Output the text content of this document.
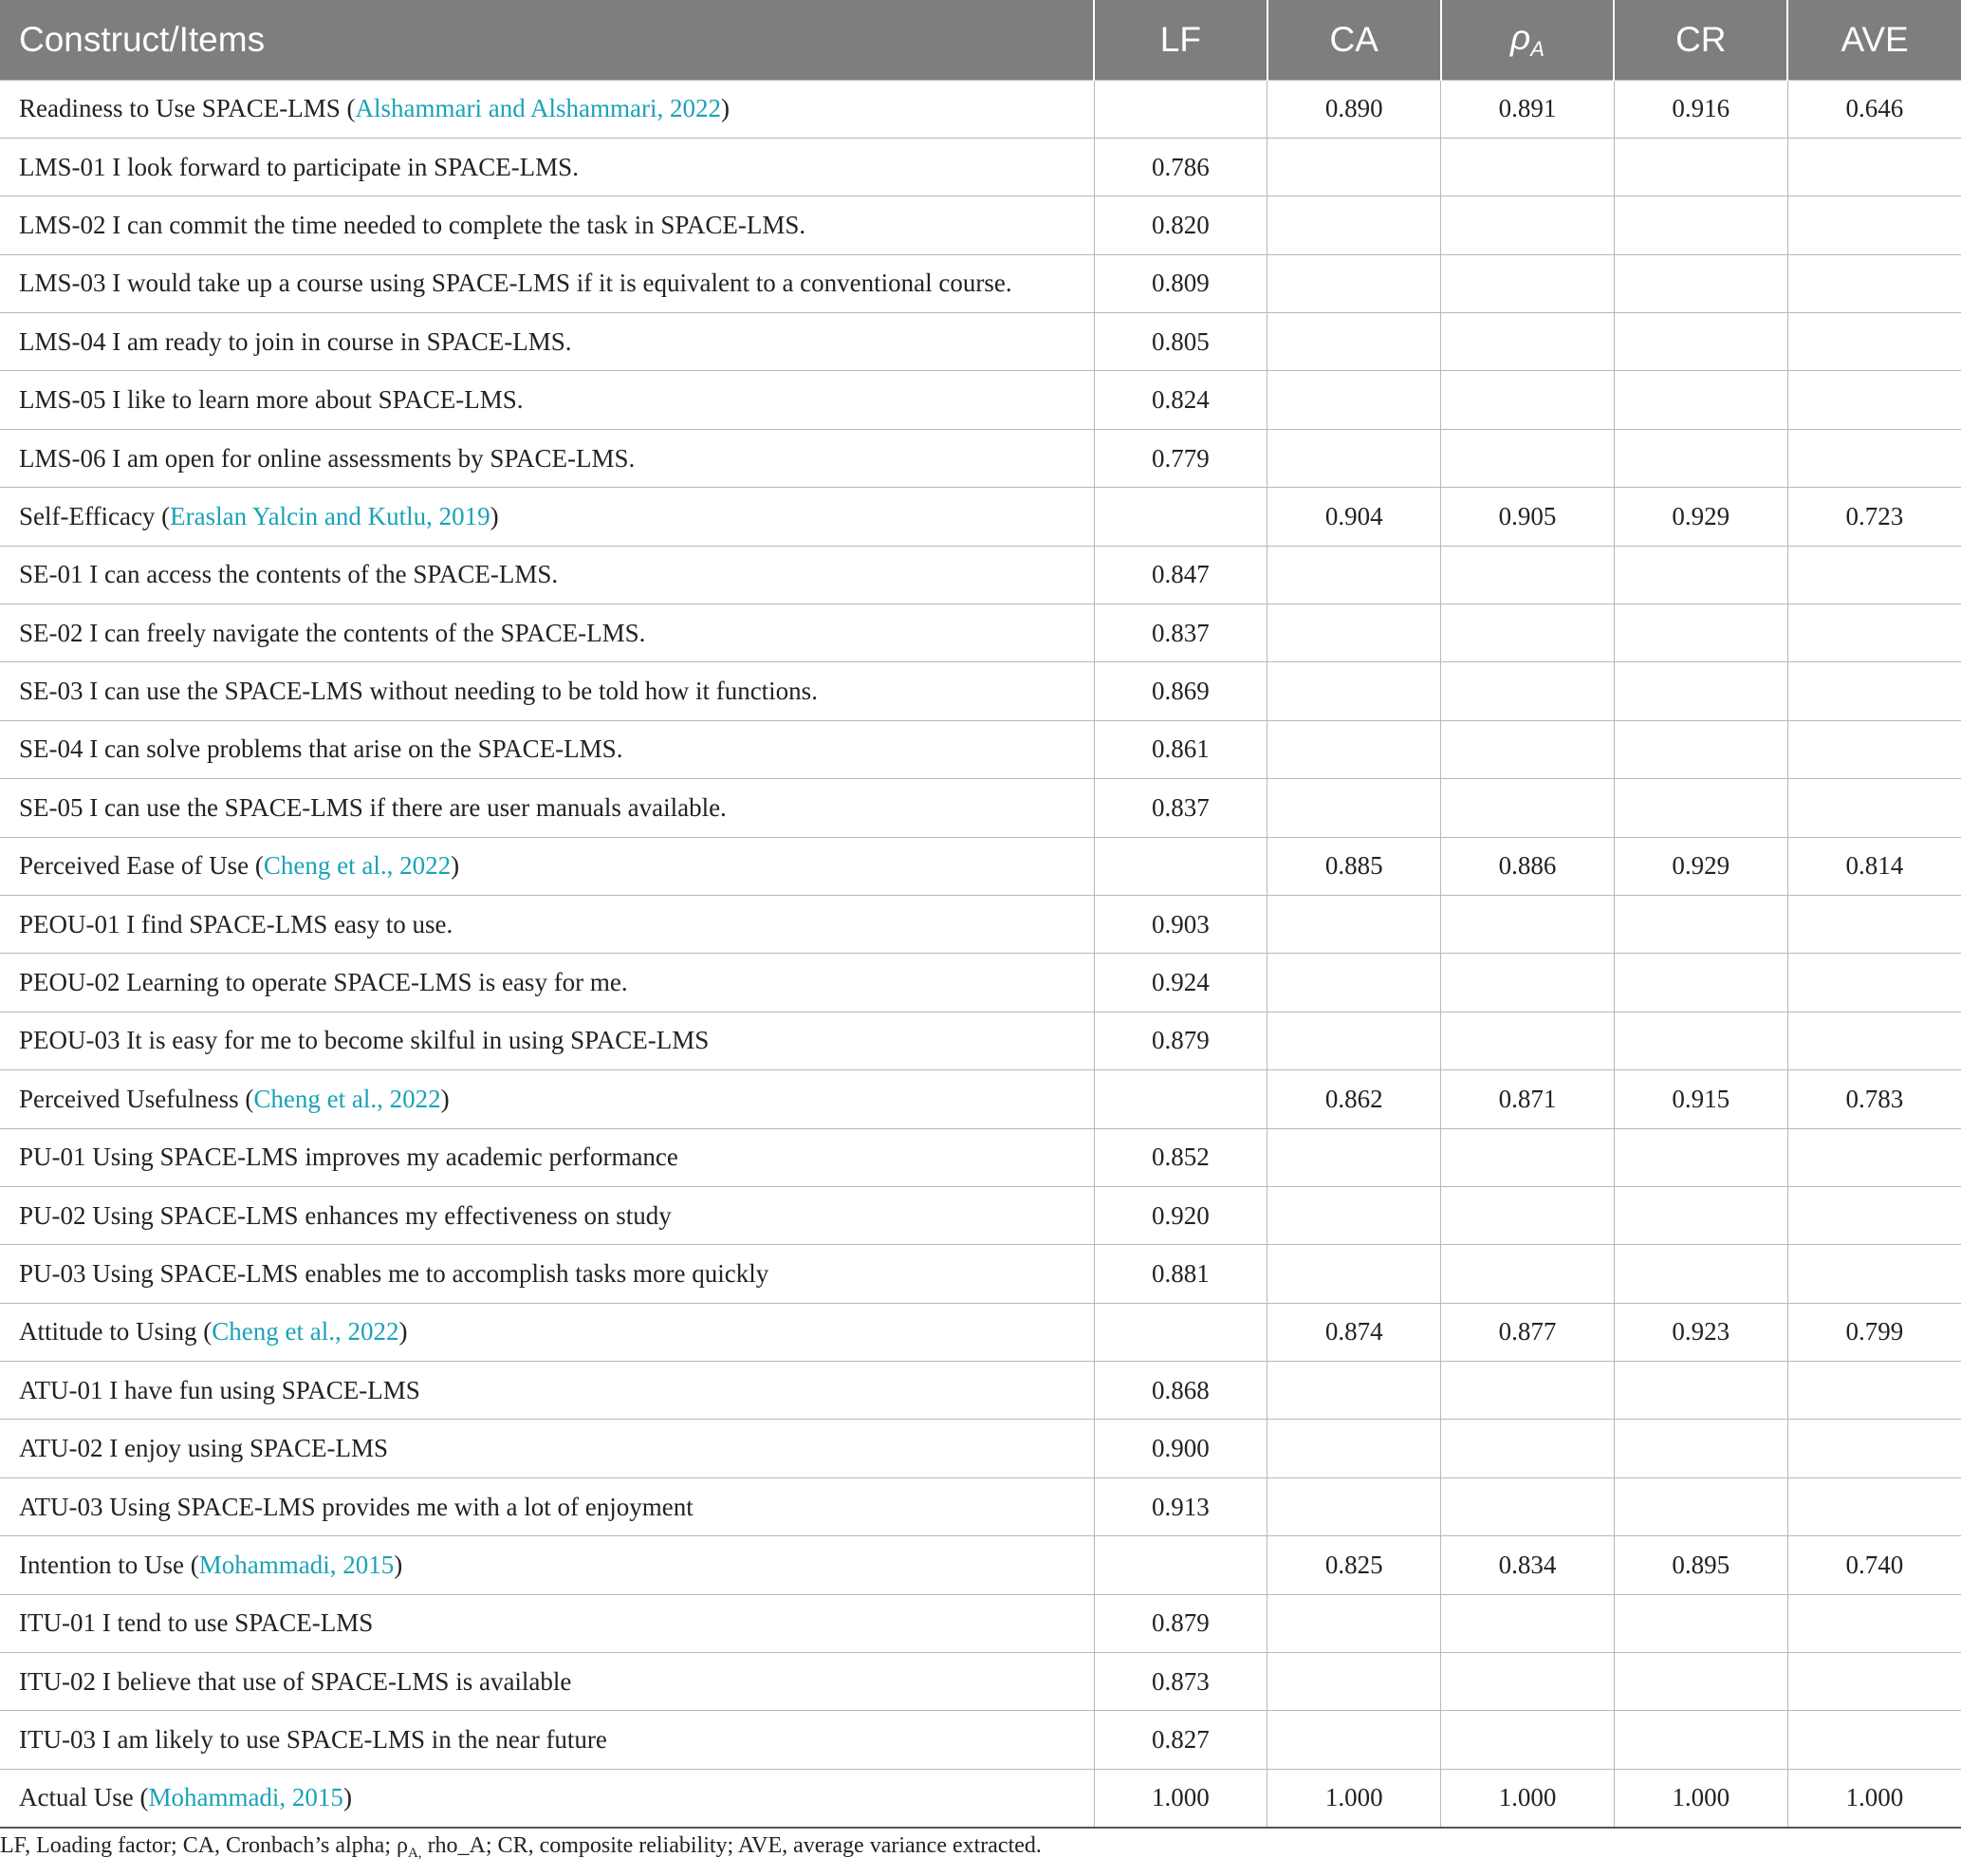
Construct/Items	LF	CA	$\rho_A$	CR	AVE
Readiness to Use SPACE-LMS (Alshammari and Alshammari, 2022)		0.890	0.891	0.916	0.646
LMS-01 I look forward to participate in SPACE-LMS.	0.786				
LMS-02 I can commit the time needed to complete the task in SPACE-LMS.	0.820				
LMS-03 I would take up a course using SPACE-LMS if it is equivalent to a conventional course.	0.809				
LMS-04 I am ready to join in course in SPACE-LMS.	0.805				
LMS-05 I like to learn more about SPACE-LMS.	0.824				
LMS-06 I am open for online assessments by SPACE-LMS.	0.779				
Self-Efficacy (Eraslan Yalcin and Kutlu, 2019)		0.904	0.905	0.929	0.723
SE-01 I can access the contents of the SPACE-LMS.	0.847				
SE-02 I can freely navigate the contents of the SPACE-LMS.	0.837				
SE-03 I can use the SPACE-LMS without needing to be told how it functions.	0.869				
SE-04 I can solve problems that arise on the SPACE-LMS.	0.861				
SE-05 I can use the SPACE-LMS if there are user manuals available.	0.837				
Perceived Ease of Use (Cheng et al., 2022)		0.885	0.886	0.929	0.814
PEOU-01 I find SPACE-LMS easy to use.	0.903				
PEOU-02 Learning to operate SPACE-LMS is easy for me.	0.924				
PEOU-03 It is easy for me to become skilful in using SPACE-LMS	0.879				
Perceived Usefulness (Cheng et al., 2022)		0.862	0.871	0.915	0.783
PU-01 Using SPACE-LMS improves my academic performance	0.852				
PU-02 Using SPACE-LMS enhances my effectiveness on study	0.920				
PU-03 Using SPACE-LMS enables me to accomplish tasks more quickly	0.881				
Attitude to Using (Cheng et al., 2022)		0.874	0.877	0.923	0.799
ATU-01 I have fun using SPACE-LMS	0.868				
ATU-02 I enjoy using SPACE-LMS	0.900				
ATU-03 Using SPACE-LMS provides me with a lot of enjoyment	0.913				
Intention to Use (Mohammadi, 2015)		0.825	0.834	0.895	0.740
ITU-01 I tend to use SPACE-LMS	0.879				
ITU-02 I believe that use of SPACE-LMS is available	0.873				
ITU-03 I am likely to use SPACE-LMS in the near future	0.827				
Actual Use (Mohammadi, 2015)	1.000	1.000	1.000	1.000	1.000
LF, Loading factor; CA, Cronbach’s alpha; $\rho_{A,}$ rho_A; CR, composite reliability; AVE, average variance extracted.
